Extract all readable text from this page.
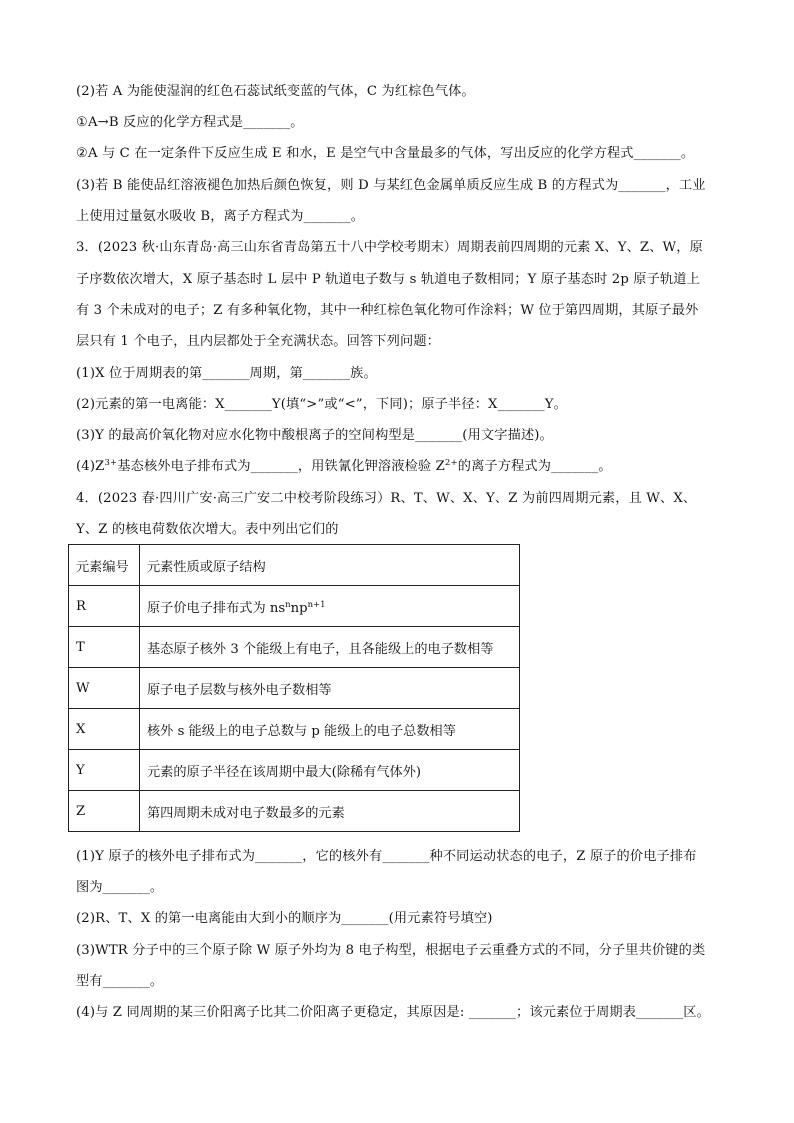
(2)若 A 为能使湿润的红色石蕊试纸变蓝的气体，C 为红棕色气体。
①A→B 反应的化学方程式是_______。
②A 与 C 在一定条件下反应生成 E 和水，E 是空气中含量最多的气体，写出反应的化学方程式_______。
(3)若 B 能使品红溶液褪色加热后颜色恢复，则 D 与某红色金属单质反应生成 B 的方程式为_______，工业
上使用过量氨水吸收 B，离子方程式为_______。
3．(2023 秋·山东青岛·高三山东省青岛第五十八中学校考期末）周期表前四周期的元素 X、Y、Z、W，原
子序数依次增大，X 原子基态时 L 层中 P 轨道电子数与 s 轨道电子数相同；Y 原子基态时 2p 原子轨道上
有 3 个未成对的电子；Z 有多种氧化物，其中一种红棕色氧化物可作涂料；W 位于第四周期，其原子最外
层只有 1 个电子，且内层都处于全充满状态。回答下列问题：
(1)X 位于周期表的第_______周期，第_______族。
(2)元素的第一电离能：X_______Y(填“>”或“<”，下同)；原子半径：X_______Y。
(3)Y 的最高价氧化物对应水化物中酸根离子的空间构型是_______(用文字描述)。
$(4)Z^{3+}$基态核外电子排布式为_______，用铁氰化钾溶液检验 $Z^{2+}$的离子方程式为_______。
4．(2023 春·四川广安·高三广安二中校考阶段练习）R、T、W、X、Y、Z 为前四周期元素，且 W、X、
Y、Z 的核电荷数依次增大。表中列出它们的
元素编号	元素性质或原子结构
R	原子价电子排布式为 $ns^nnp^{n+1}$
T	基态原子核外 3 个能级上有电子，且各能级上的电子数相等
W	原子电子层数与核外电子数相等
X	核外 s 能级上的电子总数与 p 能级上的电子总数相等
Y	元素的原子半径在该周期中最大(除稀有气体外)
Z	第四周期未成对电子数最多的元素
(1)Y 原子的核外电子排布式为_______，它的核外有_______种不同运动状态的电子，Z 原子的价电子排布
图为_______。
(2)R、T、X 的第一电离能由大到小的顺序为_______(用元素符号填空)
(3)WTR 分子中的三个原子除 W 原子外均为 8 电子构型，根据电子云重叠方式的不同，分子里共价键的类
型有_______。
(4)与 Z 同周期的某三价阳离子比其二价阳离子更稳定，其原因是: _______；该元素位于周期表_______区。
